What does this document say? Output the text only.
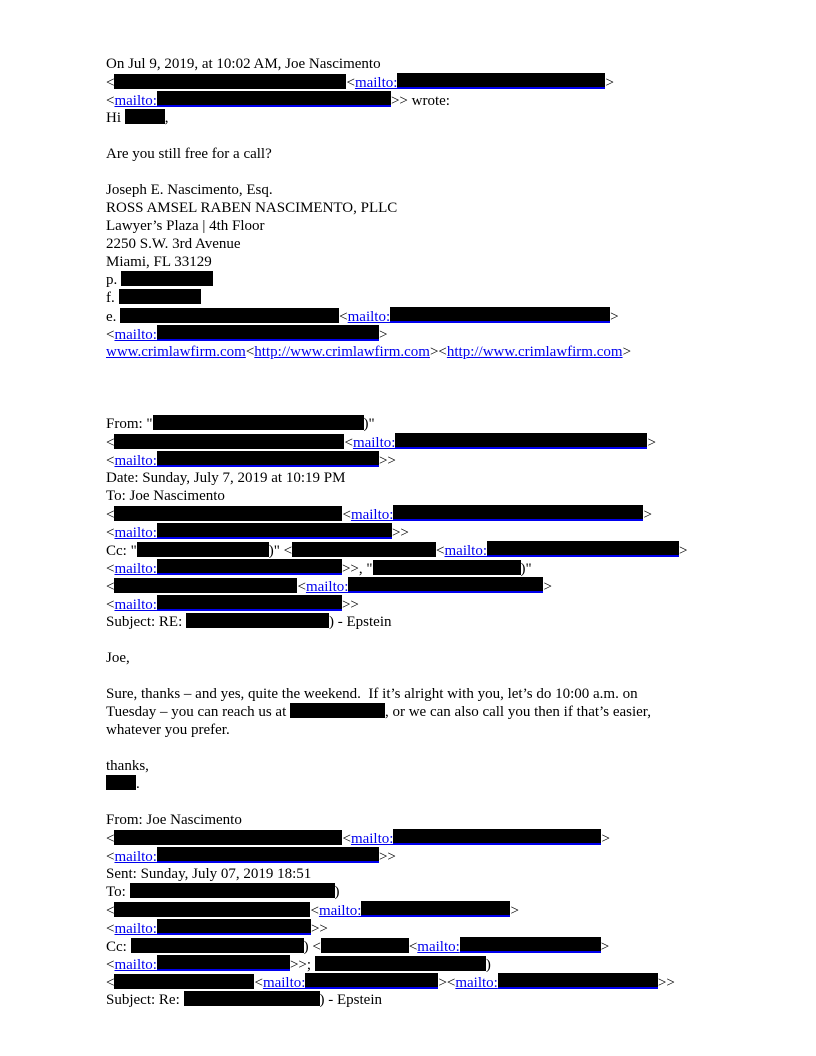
On Jul 9, 2019, at 10:02 AM, Joe Nascimento
<	<mailto:	>
<mailto:	>> wrote:
Hi	,
Are you still free for a call?
Joseph E. Nascimento, Esq.
ROSS AMSEL RABEN NASCIMENTO, PLLC
Lawyer’s Plaza | 4th Floor
2250 S.W. 3rd Avenue
Miami, FL 33129
p.
f.
e.	<mailto:	>
<mailto:	>
www.crimlawfirm.com<http://www.crimlawfirm.com><http://www.crimlawfirm.com>
From: "	)"
<	<mailto:	>
<mailto:	>>
Date: Sunday, July 7, 2019 at 10:19 PM
To: Joe Nascimento
<	<mailto:	>
<mailto:	>>
Cc: "	)" <	<mailto:	>
<mailto:	>>, "	)"
<	<mailto:	>
<mailto:	>>
Subject: RE:	) - Epstein
Joe,
Sure, thanks – and yes, quite the weekend.  If it’s alright with you, let’s do 10:00 a.m. on
Tuesday – you can reach us at	, or we can also call you then if that’s easier,
whatever you prefer.
thanks,
.
From: Joe Nascimento
<	<mailto:	>
<mailto:	>>
Sent: Sunday, July 07, 2019 18:51
To:	)
<	<mailto:	>
<mailto:	>>
Cc:	) <	<mailto:	>
<mailto:	>>;	)
<	<mailto:	><mailto:	>>
Subject: Re:	) - Epstein
